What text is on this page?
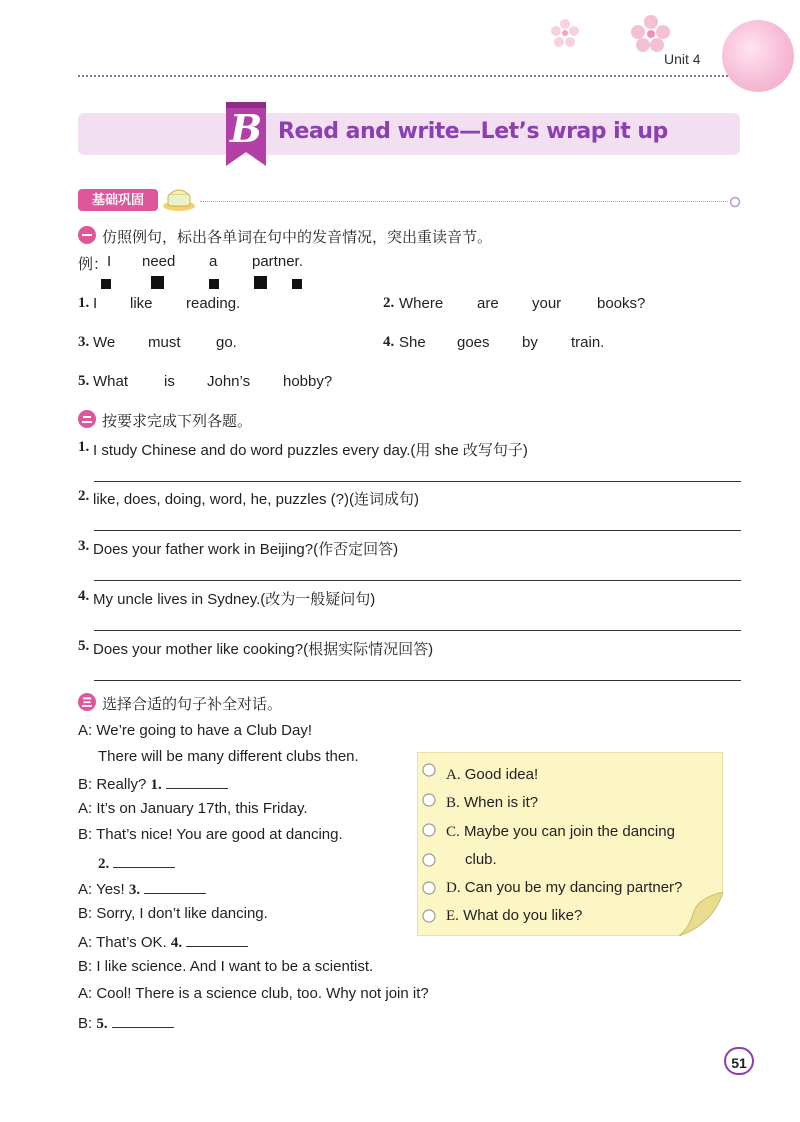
Unit 4
B Read and write—Let’s wrap it up
基础巩固
仿照例句，标出各单词在句中的发音情况，突出重读音节。
例：
I need a partner.
1. I like reading.	2. Where are your books?
3. We must go.	4. She goes by train.
5. What is John’s hobby?
按要求完成下列各题。
1. I study Chinese and do word puzzles every day.(用 she 改写句子)
2. like, does, doing, word, he, puzzles (?)(连词成句)
3. Does your father work in Beijing?(作否定回答)
4. My uncle lives in Sydney.(改为一般疑问句)
5. Does your mother like cooking?(根据实际情况回答)
选择合适的句子补全对话。
A: We’re going to have a Club Day!
There will be many different clubs then.
B: Really? 1.
A: It’s on January 17th, this Friday.
B: That’s nice! You are good at dancing.
2.
A: Yes! 3.
B: Sorry, I don’t like dancing.
A: That’s OK. 4.
B: I like science. And I want to be a scientist.
A: Cool! There is a science club, too. Why not join it?
B: 5.
A. Good idea!
B. When is it?
C. Maybe you can join the dancing
club.
D. Can you be my dancing partner?
E. What do you like?
51
